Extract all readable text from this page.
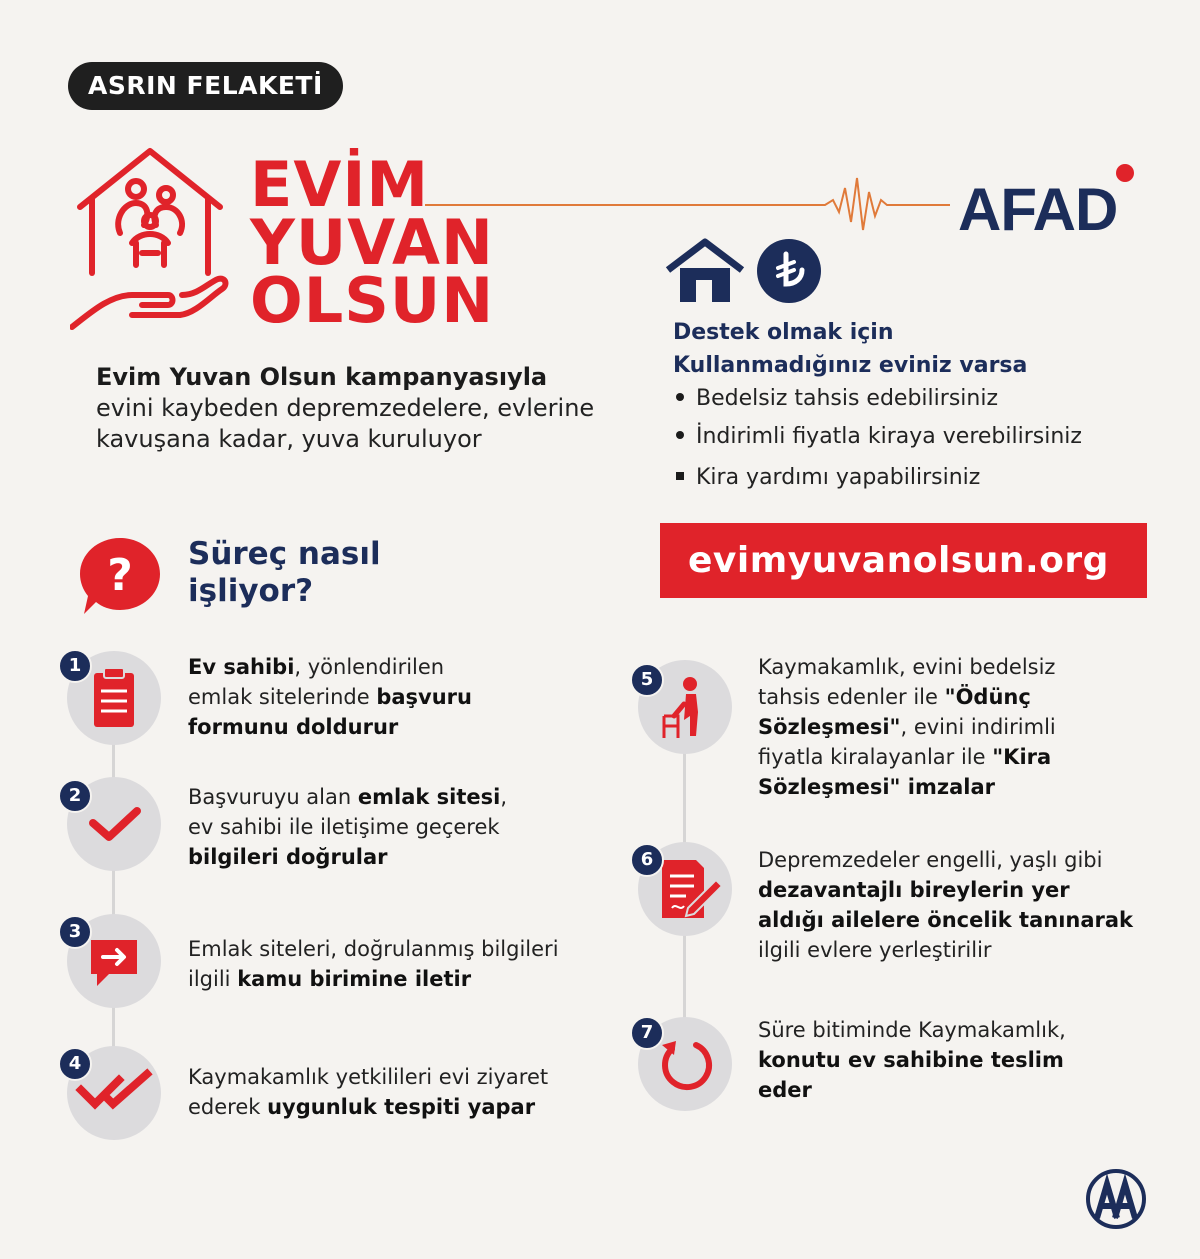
ASRIN FELAKETİ
EVİM
YUVAN
OLSUN
AFAD
Evim Yuvan Olsun kampanyasıyla
evini kaybeden depremzedelere, evlerine kavuşana kadar, yuva kuruluyor
Destek olmak için
Kullanmadığınız eviniz varsa
Bedelsiz tahsis edebilirsiniz
İndirimli fiyatla kiraya verebilirsiniz
Kira yardımı yapabilirsiniz
evimyuvanolsun.org
? Süreç nasıl
işliyor?
1	Ev sahibi, yönlendirilen emlak sitelerinde başvuru formunu doldurur
2	Başvuruyu alan emlak sitesi, ev sahibi ile iletişime geçerek bilgileri doğrular
3
Emlak siteleri, doğrulanmış bilgileri ilgili kamu birimine iletir
4
Kaymakamlık yetkilileri evi ziyaret ederek uygunluk tespiti yapar
5
Kaymakamlık, evini bedelsiz tahsis edenler ile "Ödünç Sözleşmesi", evini indirimli fiyatla kiralayanlar ile "Kira Sözleşmesi" imzalar
6	Depremzedeler engelli, yaşlı gibi dezavantajlı bireylerin yer aldığı ailelere öncelik tanınarak ilgili evlere yerleştirilir
7	Süre bitiminde Kaymakamlık, konutu ev sahibine teslim eder
AA
